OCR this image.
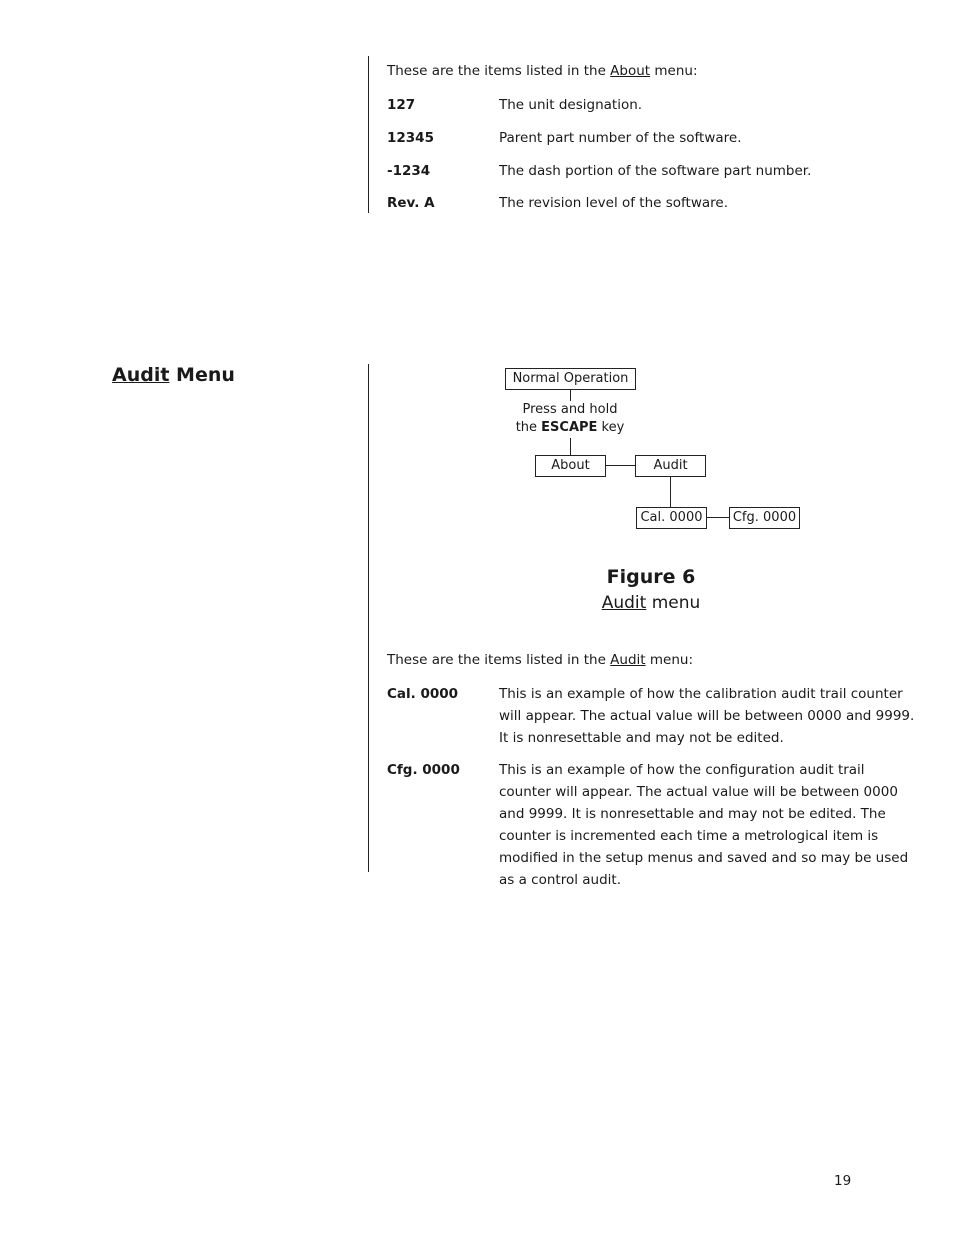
These are the items listed in the About menu:
127	The unit designation.
12345	Parent part number of the software.
-1234	The dash portion of the software part number.
Rev. A	The revision level of the software.
Audit Menu	Normal Operation
Press and hold
the ESCAPE key
About	Audit
Cal. 0000	Cfg. 0000
Figure 6
Audit menu
These are the items listed in the Audit menu:
Cal. 0000	This is an example of how the calibration audit trail counter will appear. The actual value will be between 0000 and 9999. It is nonresettable and may not be edited.
Cfg. 0000	This is an example of how the configuration audit trail counter will appear. The actual value will be between 0000 and 9999. It is nonresettable and may not be edited. The counter is incremented each time a metrological item is modified in the setup menus and saved and so may be used as a control audit.
19
